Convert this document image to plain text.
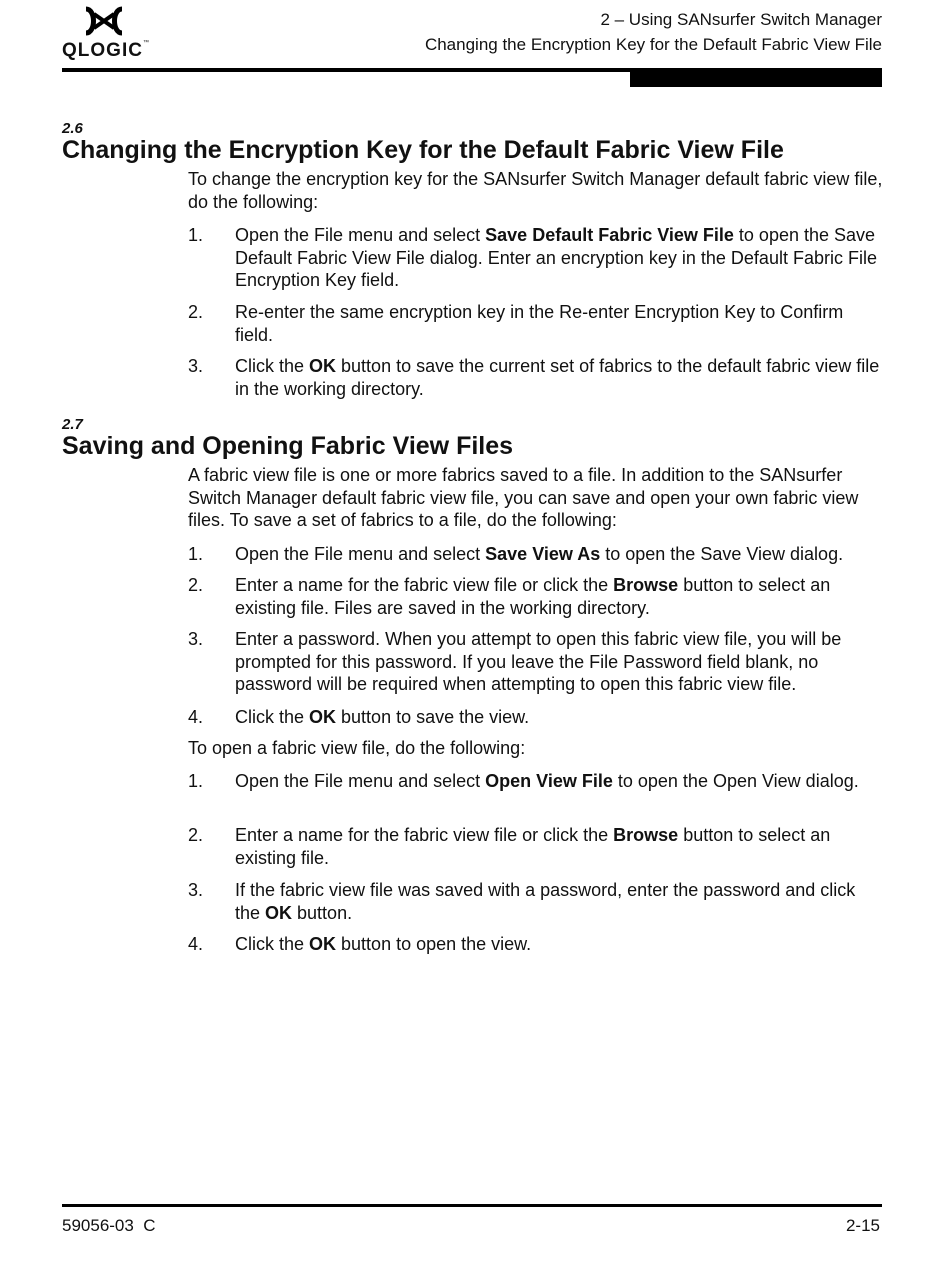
QLOGIC™
2 – Using SANsurfer Switch Manager
Changing the Encryption Key for the Default Fabric View File
2.6
Changing the Encryption Key for the Default Fabric View File
To change the encryption key for the SANsurfer Switch Manager default fabric view file, do the following:
1. Open the File menu and select Save Default Fabric View File to open the Save Default Fabric View File dialog. Enter an encryption key in the Default Fabric File Encryption Key field.
2. Re-enter the same encryption key in the Re-enter Encryption Key to Confirm field.
3. Click the OK button to save the current set of fabrics to the default fabric view file in the working directory.
2.7
Saving and Opening Fabric View Files
A fabric view file is one or more fabrics saved to a file. In addition to the SANsurfer Switch Manager default fabric view file, you can save and open your own fabric view files. To save a set of fabrics to a file, do the following:
1. Open the File menu and select Save View As to open the Save View dialog.
2. Enter a name for the fabric view file or click the Browse button to select an existing file. Files are saved in the working directory.
3. Enter a password. When you attempt to open this fabric view file, you will be prompted for this password. If you leave the File Password field blank, no password will be required when attempting to open this fabric view file.
4. Click the OK button to save the view.
To open a fabric view file, do the following:
1. Open the File menu and select Open View File to open the Open View dialog.
2. Enter a name for the fabric view file or click the Browse button to select an existing file.
3. If the fabric view file was saved with a password, enter the password and click the OK button.
4. Click the OK button to open the view.
59056-03  C	2-15
